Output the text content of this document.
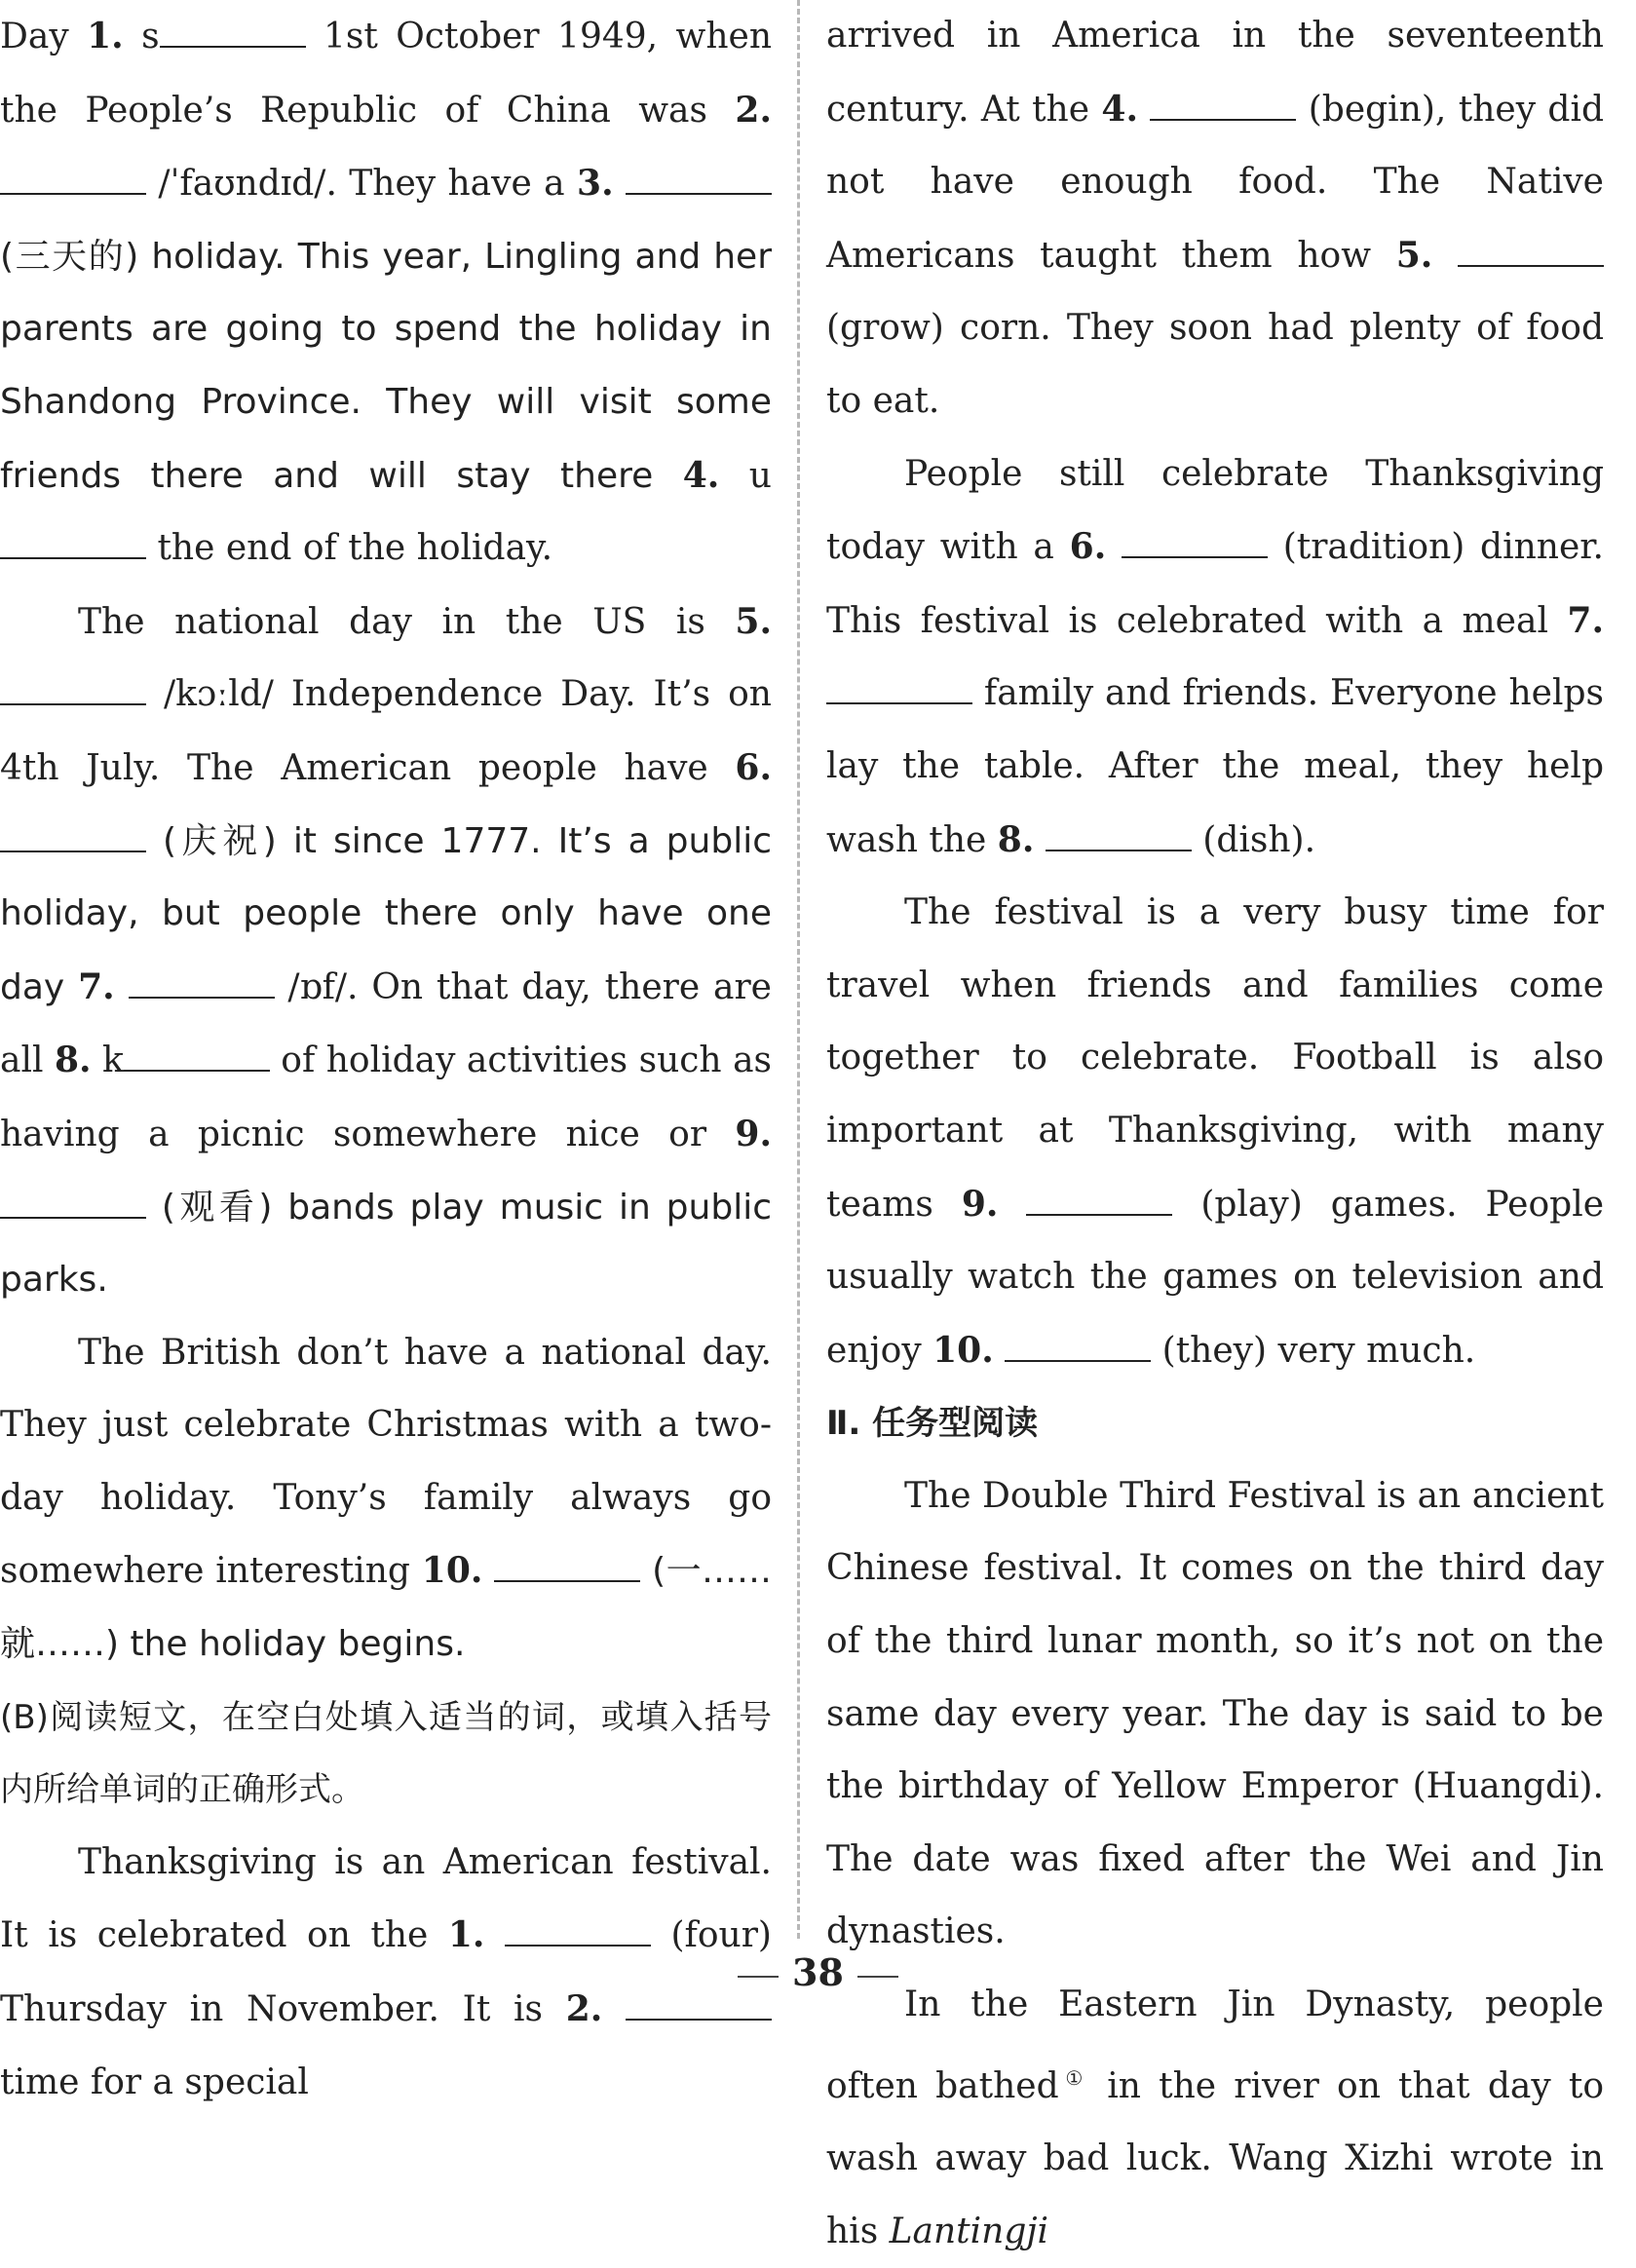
Day 1. s	1st October 1949, when the People’s Republic of China was 2.  /ˈfaʊndɪd/. They have a 3.  (三天的) holiday. This year, Lingling and her parents are going to spend the holiday in Shandong Province. They will visit some friends there and will stay there 4. u the end of the holiday.

The national day in the US is 5.  /kɔːld/ Independence Day. It’s on 4th July. The American people have 6.  (庆祝) it since 1777. It’s a public holiday, but people there only have one day 7.	/ɒf/. On that day, there are all 8. k	of holiday activities such as having a picnic somewhere nice or 9.  (观看) bands play music in public parks.

The British don’t have a national day. They just celebrate Christmas with a two-day holiday. Tony’s family always go somewhere interesting 10.	(一……就……) the holiday begins.

(B)阅读短文，在空白处填入适当的词，或填入括号内所给单词的正确形式。

Thanksgiving is an American festival. It is celebrated on the 1.	(four) Thursday in November. It is 2.  time for a special

arrived in America in the seventeenth century. At the 4.	(begin), they did not have enough food. The Native Americans taught them how 5.  (grow) corn. They soon had plenty of food to eat.

People still celebrate Thanksgiving today with a 6.	(tradition) dinner. This festival is celebrated with a meal 7.  family and friends. Everyone helps lay the table. After the meal, they help wash the 8.	(dish).

The festival is a very busy time for travel when friends and families come together to celebrate. Football is also important at Thanksgiving, with many teams 9.	(play) games. People usually watch the games on television and enjoy 10.	(they) very much.

Ⅱ. 任务型阅读

The Double Third Festival is an ancient Chinese festival. It comes on the third day of the third lunar month, so it’s not on the same day every year. The day is said to be the birthday of Yellow Emperor (Huangdi). The date was fixed after the Wei and Jin dynasties.

In the Eastern Jin Dynasty, people often bathed① in the river on that day to wash away bad luck. Wang Xizhi wrote in his Lantingji

38
